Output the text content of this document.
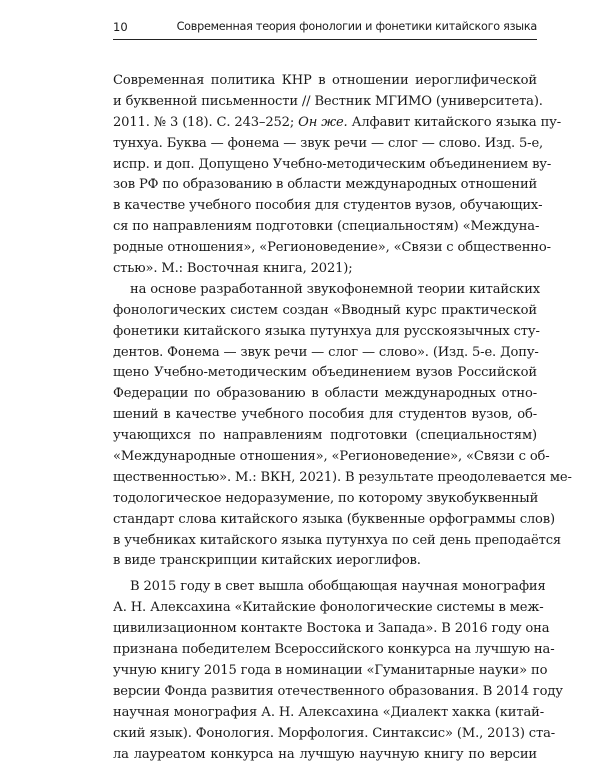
10	Современная теория фонологии и фонетики китайского языка
Современная политика КНР в отношении иероглифической
и буквенной письменности // Вестник МГИМО (университета).
2011. № 3 (18). С. 243–252; Он же. Алфавит китайского языка пу-
тунхуа. Буква — фонема — звук речи — слог — слово. Изд. 5-е,
испр. и доп. Допущено Учебно-методическим объединением ву-
зов РФ по образованию в области международных отношений
в качестве учебного пособия для студентов вузов, обучающих-
ся по направлениям подготовки (специальностям) «Междуна-
родные отношения», «Регионоведение», «Связи с общественно-
стью». М.: Восточная книга, 2021);
на основе разработанной звукофонемной теории китайских
фонологических систем создан «Вводный курс практической
фонетики китайского языка путунхуа для русскоязычных сту-
дентов. Фонема — звук речи — слог — слово». (Изд. 5-е. Допу-
щено Учебно-методическим объединением вузов Российской
Федерации по образованию в области международных отно-
шений в качестве учебного пособия для студентов вузов, об-
учающихся по направлениям подготовки (специальностям)
«Международные отношения», «Регионоведение», «Связи с об-
щественностью». М.: ВКН, 2021). В результате преодолевается ме-
тодологическое недоразумение, по которому звукобуквенный
стандарт слова китайского языка (буквенные орфограммы слов)
в учебниках китайского языка путунхуа по сей день преподаётся
в виде транскрипции китайских иероглифов.
В 2015 году в свет вышла обобщающая научная монография
А. Н. Алексахина «Китайские фонологические системы в меж-
цивилизационном контакте Востока и Запада». В 2016 году она
признана победителем Всероссийского конкурса на лучшую на-
учную книгу 2015 года в номинации «Гуманитарные науки» по
версии Фонда развития отечественного образования. В 2014 году
научная монография А. Н. Алексахина «Диалект хакка (китай-
ский язык). Фонология. Морфология. Синтаксис» (М., 2013) ста-
ла лауреатом конкурса на лучшую научную книгу по версии
